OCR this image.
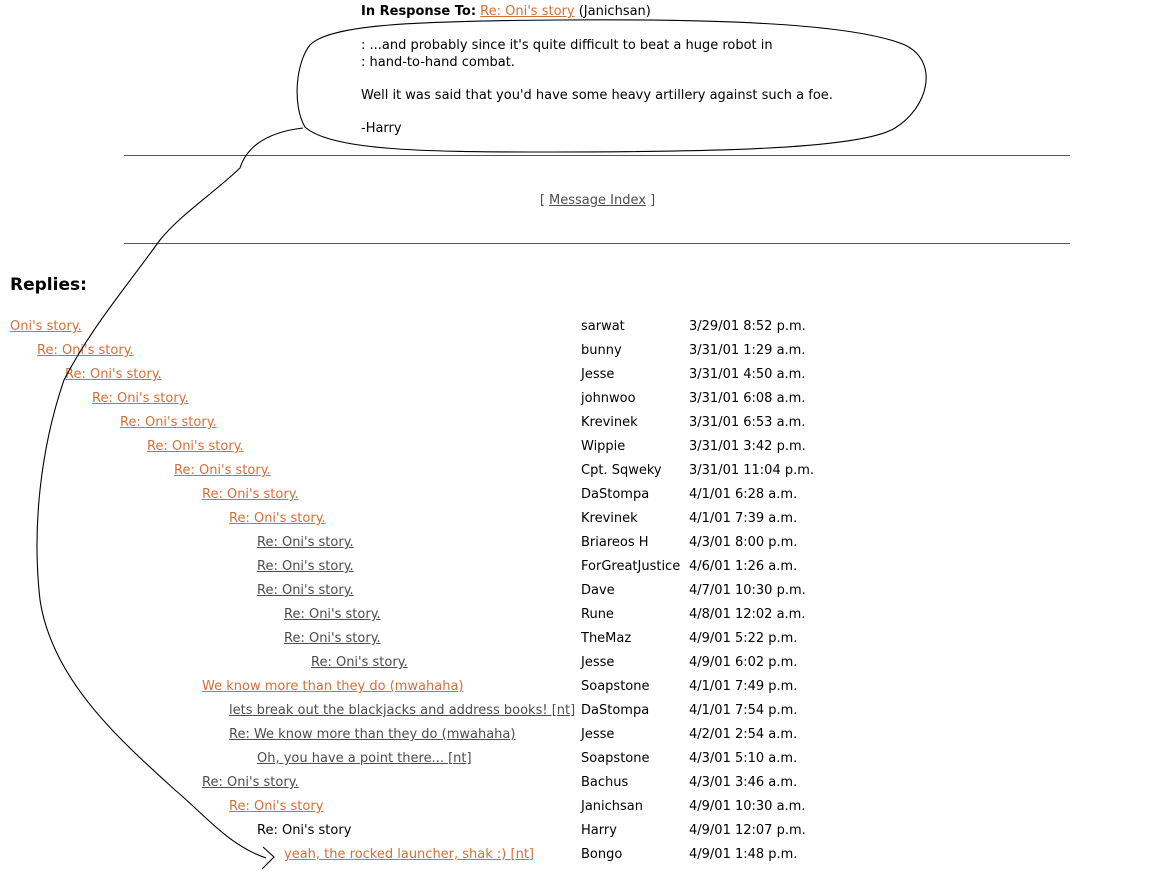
In Response To: Re: Oni's story (Janichsan)

: ...and probably since it's quite difficult to beat a huge robot in

: hand-to-hand combat.

Well it was said that you'd have some heavy artillery against such a foe.

-Harry

[ Message Index ]
Replies:
Oni's story.	sarwat	3/29/01 8:52 p.m.
Re: Oni's story.	bunny	3/31/01 1:29 a.m.
Re: Oni's story.	Jesse	3/31/01 4:50 a.m.
Re: Oni's story.	johnwoo	3/31/01 6:08 a.m.
Re: Oni's story.	Krevinek	3/31/01 6:53 a.m.
Re: Oni's story.	Wippie	3/31/01 3:42 p.m.
Re: Oni's story.	Cpt. Sqweky 3/31/01 11:04 p.m.
Re: Oni's story.	DaStompa	4/1/01 6:28 a.m.
Re: Oni's story.	Krevinek	4/1/01 7:39 a.m.
Re: Oni's story.	Briareos H	4/3/01 8:00 p.m.
Re: Oni's story.	ForGreatJustice 4/6/01 1:26 a.m.
Re: Oni's story.	Dave	4/7/01 10:30 p.m.
Re: Oni's story.	Rune	4/8/01 12:02 a.m.
Re: Oni's story.	TheMaz	4/9/01 5:22 p.m.
Re: Oni's story.	Jesse	4/9/01 6:02 p.m.
We know more than they do (mwahaha)	Soapstone	4/1/01 7:49 p.m.
lets break out the blackjacks and address books! [nt] DaStompa	4/1/01 7:54 p.m.
Re: We know more than they do (mwahaha)	Jesse	4/2/01 2:54 a.m.
Oh, you have a point there... [nt]	Soapstone	4/3/01 5:10 a.m.
Re: Oni's story.	Bachus	4/3/01 3:46 a.m.
Re: Oni's story	Janichsan	4/9/01 10:30 a.m.
Re: Oni's story	Harry	4/9/01 12:07 p.m.
yeah, the rocked launcher, shak :) [nt]	Bongo	4/9/01 1:48 p.m.
